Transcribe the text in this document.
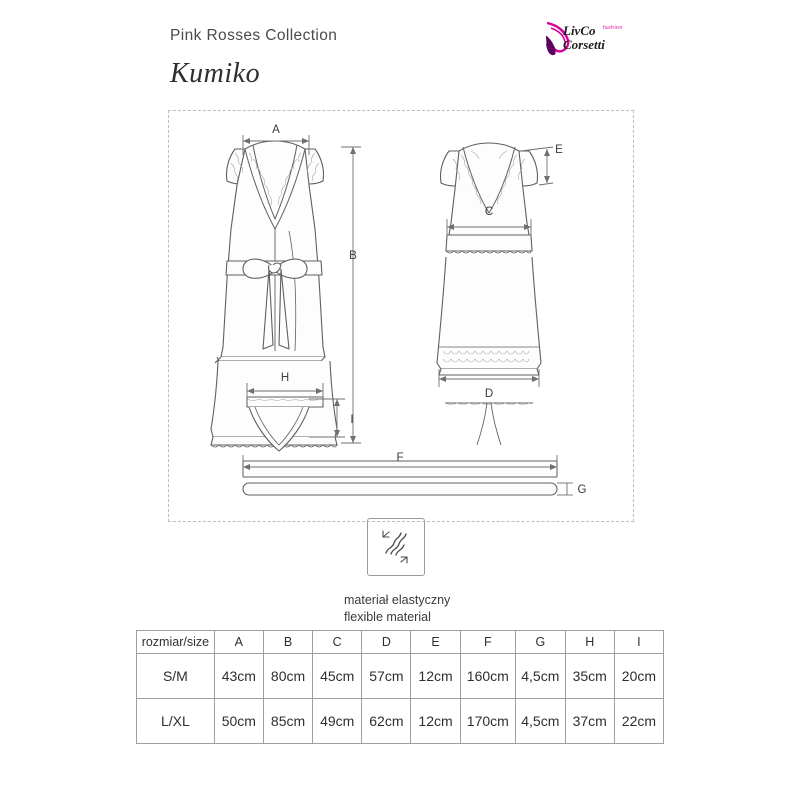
Pink Rosses Collection
Kumiko
LivCo
Corsetti
fashion
A
B
C
D
E
F
G
H
I
materiał elastyczny
flexible material
rozmiar/size	A	B	C	D	E	F	G	H	I
S/M	43cm	80cm	45cm	57cm	12cm	160cm	4,5cm	35cm	20cm
L/XL	50cm	85cm	49cm	62cm	12cm	170cm	4,5cm	37cm	22cm
